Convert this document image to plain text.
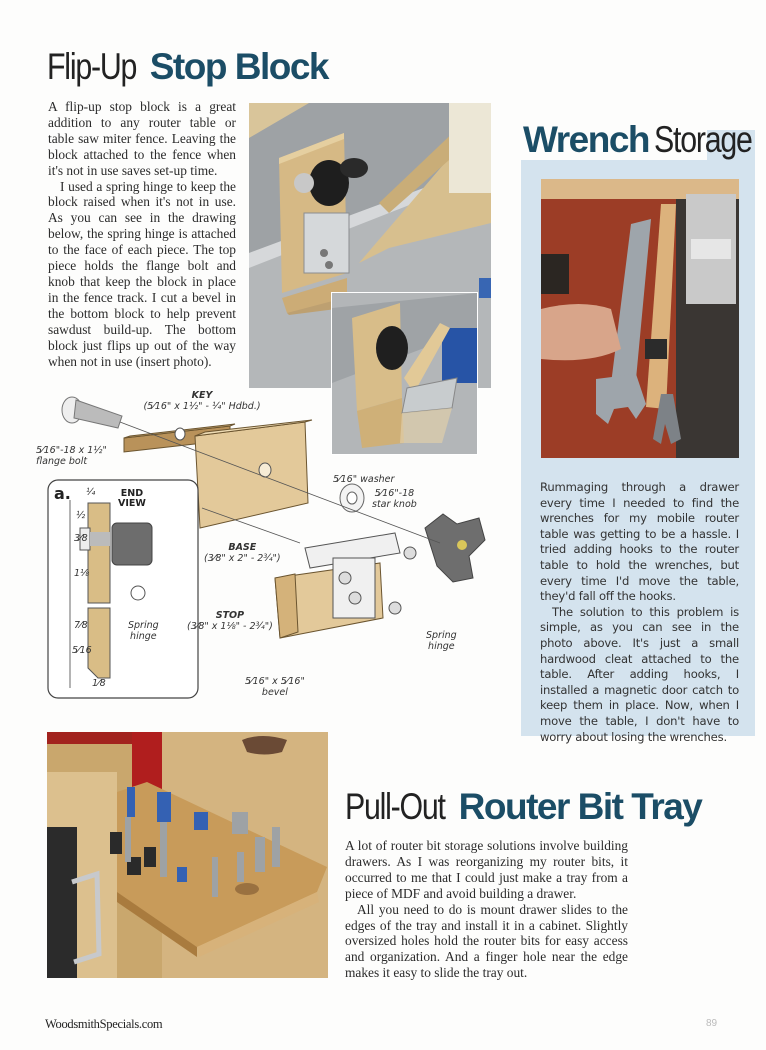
Flip-Up Stop Block

A flip-up stop block is a great addition to any router table or table saw miter fence. Leaving the block attached to the fence when it's not in use saves set-up time.

I used a spring hinge to keep the block raised when it's not in use. As you can see in the drawing below, the spring hinge is attached to the face of each piece. The top piece holds the flange bolt and knob that keep the block in place in the fence track. I cut a bevel in the bottom block to help prevent sawdust build-up. The bottom block just flips up out of the way when not in use (insert photo).

KEY
(5⁄16" x 1½" - ¼" Hdbd.)
5⁄16"-18 x 1½"
flange bolt
5⁄16" washer
5⁄16"-18
star knob
BASE
(3⁄8" x 2" - 2¾")
STOP
(3⁄8" x 1⅛" - 2¾")
Spring
hinge
5⁄16" x 5⁄16"
bevel
a.	END
VIEW
¼
½
3⁄8
1⅛
7⁄8
5⁄16
1⁄8
Spring
hinge
Wrench Storage

Rummaging through a drawer every time I needed to find the wrenches for my mobile router table was getting to be a hassle. I tried adding hooks to the router table to hold the wrenches, but every time I'd move the table, they'd fall off the hooks.

The solution to this problem is simple, as you can see in the photo above. It's just a small hardwood cleat attached to the table. After adding hooks, I installed a magnetic door catch to keep them in place. Now, when I move the table, I don't have to worry about losing the wrenches.

Pull-Out Router Bit Tray

A lot of router bit storage solutions involve building drawers. As I was reorganizing my router bits, it occurred to me that I could just make a tray from a piece of MDF and avoid building a drawer.

All you need to do is mount drawer slides to the edges of the tray and install it in a cabinet. Slightly oversized holes hold the router bits for easy access and organization. And a finger hole near the edge makes it easy to slide the tray out.

WoodsmithSpecials.com	89
